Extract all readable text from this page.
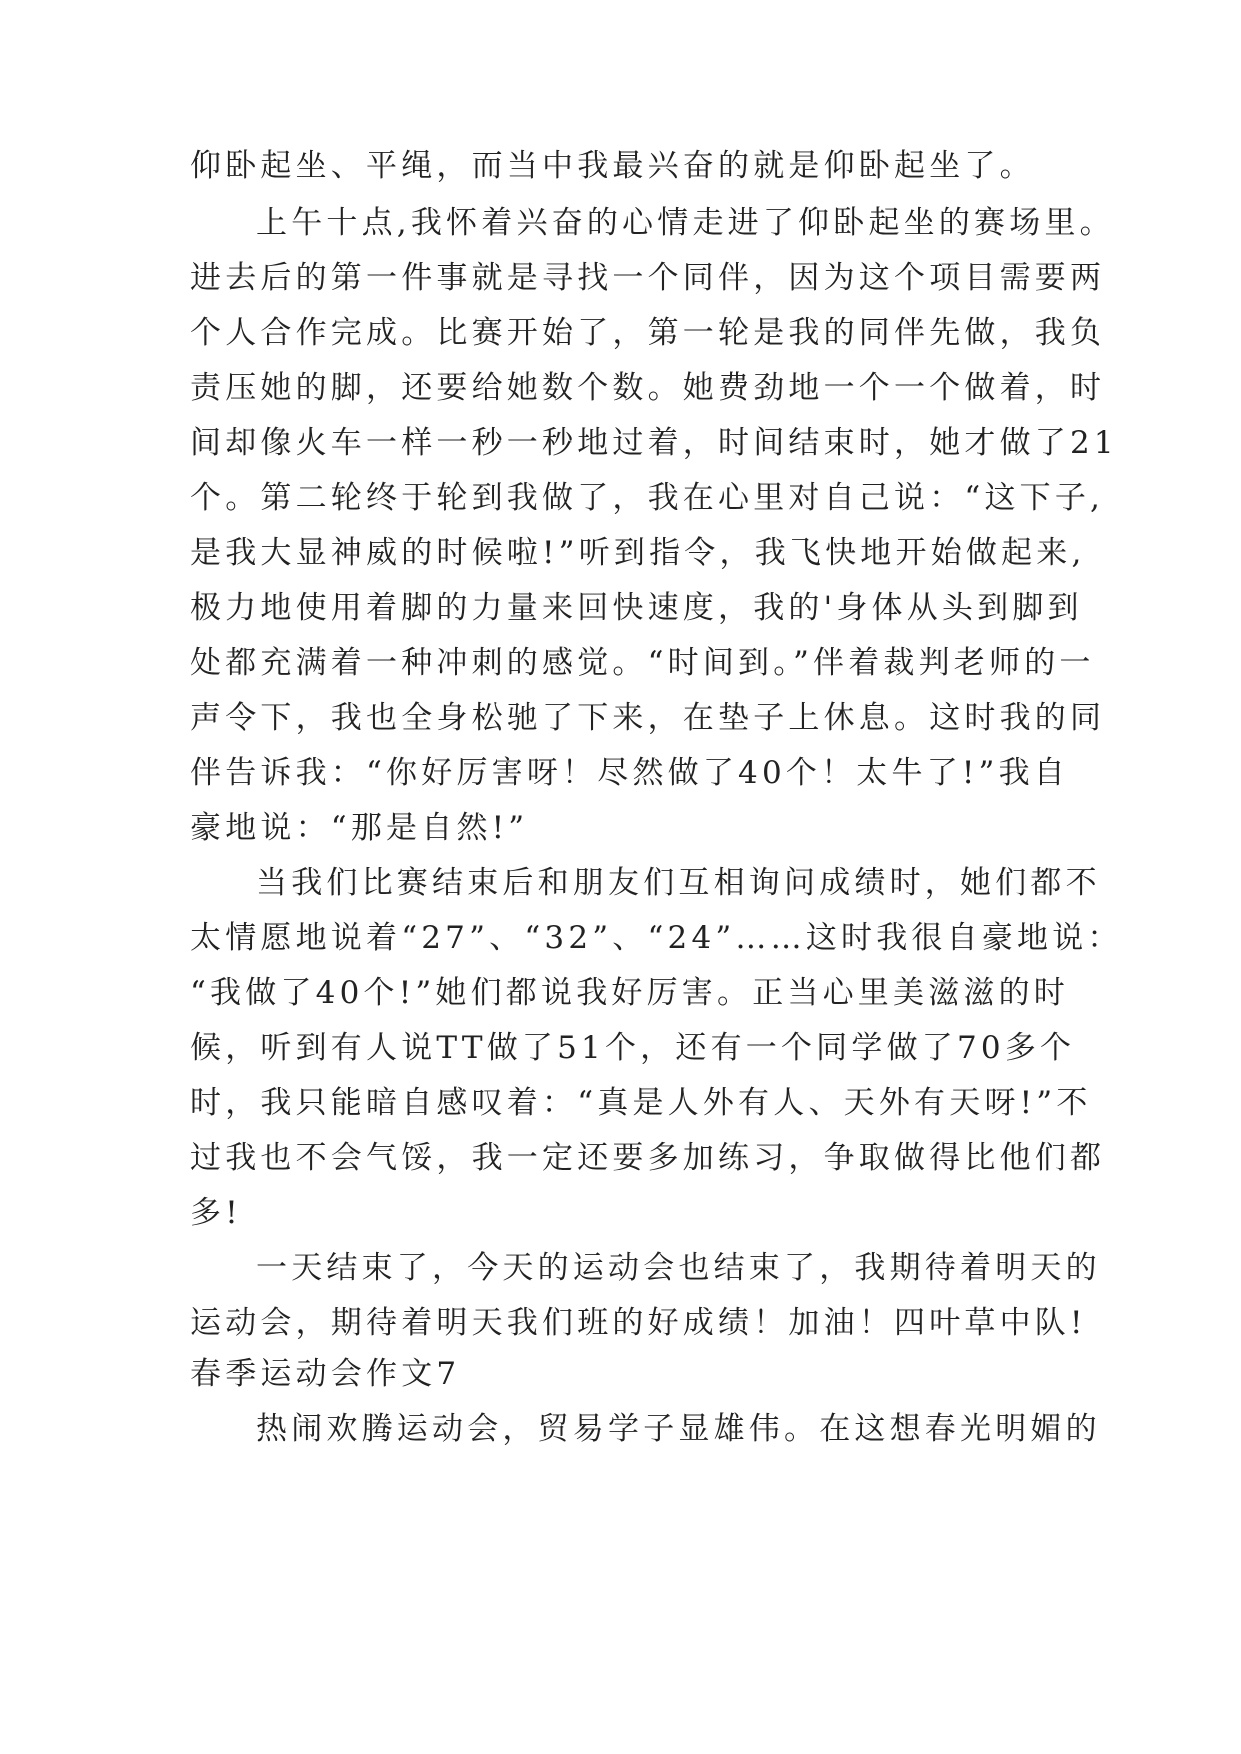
仰卧起坐、平绳，而当中我最兴奋的就是仰卧起坐了。
上午十点,我怀着兴奋的心情走进了仰卧起坐的赛场里。
进去后的第一件事就是寻找一个同伴，因为这个项目需要两
个人合作完成。比赛开始了，第一轮是我的同伴先做，我负
责压她的脚，还要给她数个数。她费劲地一个一个做着，时
间却像火车一样一秒一秒地过着，时间结束时，她才做了21
个。第二轮终于轮到我做了，我在心里对自己说：“这下子,
是我大显神威的时候啦!”听到指令，我飞快地开始做起来,
极力地使用着脚的力量来回快速度，我的'身体从头到脚到
处都充满着一种冲刺的感觉。“时间到。”伴着裁判老师的一
声令下，我也全身松驰了下来，在垫子上休息。这时我的同
伴告诉我：“你好厉害呀！尽然做了40个！太牛了!”我自
豪地说：“那是自然!”
当我们比赛结束后和朋友们互相询问成绩时，她们都不
太情愿地说着“27”、“32”、“24”……这时我很自豪地说：
“我做了40个!”她们都说我好厉害。正当心里美滋滋的时
候，听到有人说TT做了51个，还有一个同学做了70多个
时，我只能暗自感叹着：“真是人外有人、天外有天呀!”不
过我也不会气馁，我一定还要多加练习，争取做得比他们都
多!
一天结束了，今天的运动会也结束了，我期待着明天的
运动会，期待着明天我们班的好成绩！加油！四叶草中队!
春季运动会作文7
热闹欢腾运动会，贸易学子显雄伟。在这想春光明媚的
